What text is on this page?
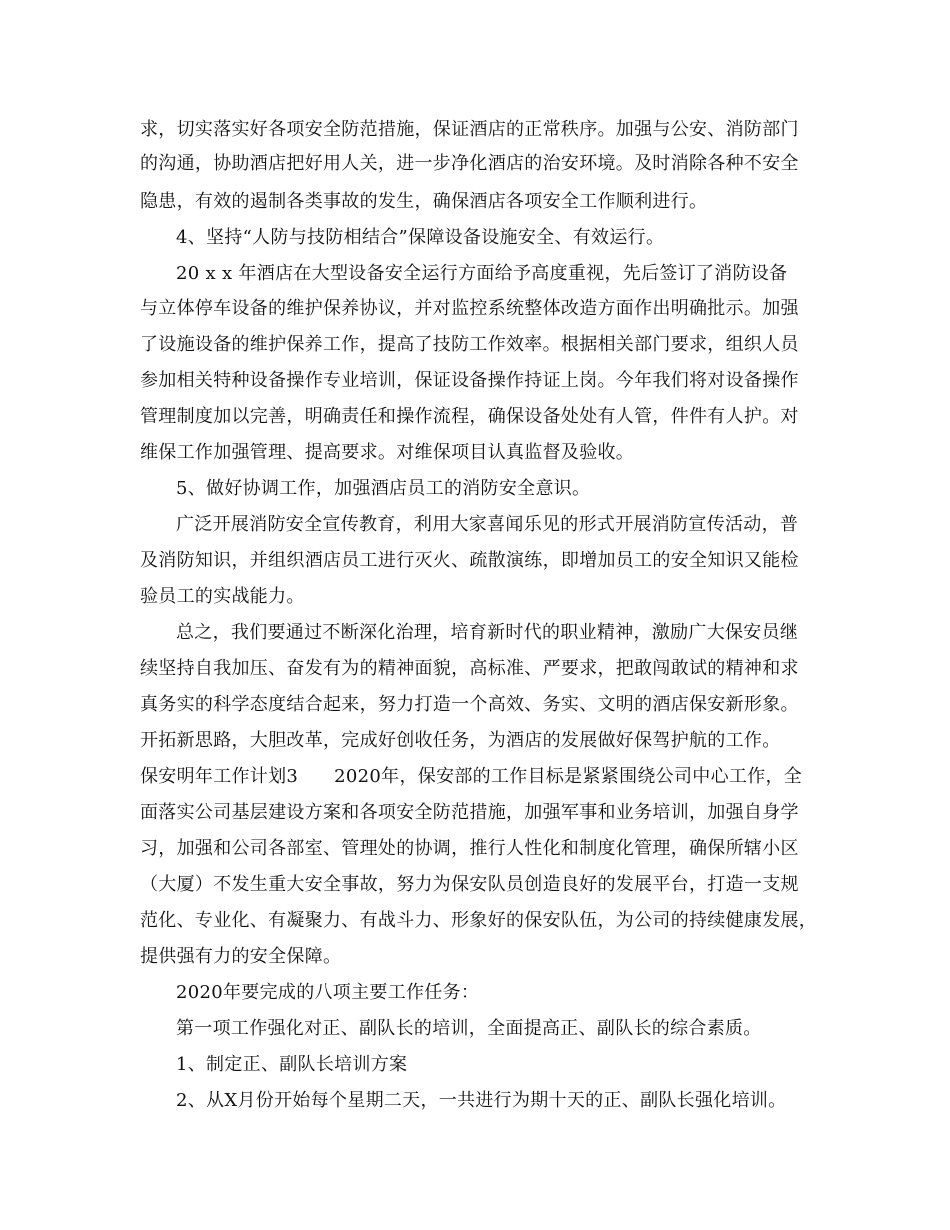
求，切实落实好各项安全防范措施，保证酒店的正常秩序。加强与公安、消防部门
的沟通，协助酒店把好用人关，进一步净化酒店的治安环境。及时消除各种不安全
隐患，有效的遏制各类事故的发生，确保酒店各项安全工作顺利进行。
4、坚持“人防与技防相结合”保障设备设施安全、有效运行。
20 x x 年酒店在大型设备安全运行方面给予高度重视，先后签订了消防设备
与立体停车设备的维护保养协议，并对监控系统整体改造方面作出明确批示。加强
了设施设备的维护保养工作，提高了技防工作效率。根据相关部门要求，组织人员
参加相关特种设备操作专业培训，保证设备操作持证上岗。今年我们将对设备操作
管理制度加以完善，明确责任和操作流程，确保设备处处有人管，件件有人护。对
维保工作加强管理、提高要求。对维保项目认真监督及验收。
5、做好协调工作，加强酒店员工的消防安全意识。
广泛开展消防安全宣传教育，利用大家喜闻乐见的形式开展消防宣传活动，普
及消防知识，并组织酒店员工进行灭火、疏散演练，即增加员工的安全知识又能检
验员工的实战能力。
总之，我们要通过不断深化治理，培育新时代的职业精神，激励广大保安员继
续坚持自我加压、奋发有为的精神面貌，高标准、严要求，把敢闯敢试的精神和求
真务实的科学态度结合起来，努力打造一个高效、务实、文明的酒店保安新形象。
开拓新思路，大胆改革，完成好创收任务，为酒店的发展做好保驾护航的工作。
保安明年工作计划3 2020年，保安部的工作目标是紧紧围绕公司中心工作，全
面落实公司基层建设方案和各项安全防范措施，加强军事和业务培训，加强自身学
习，加强和公司各部室、管理处的协调，推行人性化和制度化管理，确保所辖小区
（大厦）不发生重大安全事故，努力为保安队员创造良好的发展平台，打造一支规
范化、专业化、有凝聚力、有战斗力、形象好的保安队伍，为公司的持续健康发展，
提供强有力的安全保障。
2020年要完成的八项主要工作任务：
第一项工作强化对正、副队长的培训，全面提高正、副队长的综合素质。
1、制定正、副队长培训方案
2、从X月份开始每个星期二天，一共进行为期十天的正、副队长强化培训。
